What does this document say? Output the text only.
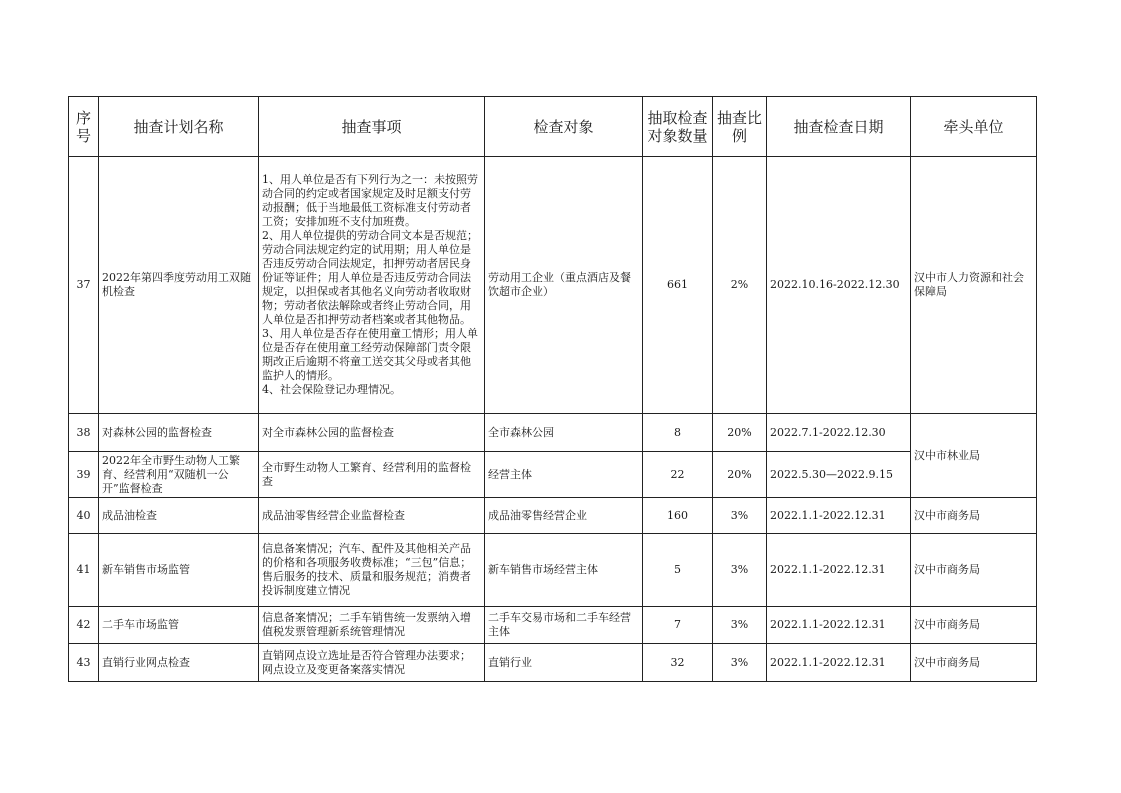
序号	抽查计划名称	抽查事项	检查对象	抽取检查对象数量	抽查比例	抽查检查日期	牵头单位
37	2022年第四季度劳动用工双随机检查	1、用人单位是否有下列行为之一：未按照劳动合同的约定或者国家规定及时足额支付劳动报酬；低于当地最低工资标准支付劳动者工资；安排加班不支付加班费。
2、用人单位提供的劳动合同文本是否规范；劳动合同法规定约定的试用期；用人单位是否违反劳动合同法规定，扣押劳动者居民身份证等证件；用人单位是否违反劳动合同法规定，以担保或者其他名义向劳动者收取财物；劳动者依法解除或者终止劳动合同，用人单位是否扣押劳动者档案或者其他物品。
3、用人单位是否存在使用童工情形；用人单位是否存在使用童工经劳动保障部门责令限期改正后逾期不将童工送交其父母或者其他监护人的情形。
4、社会保险登记办理情况。	劳动用工企业（重点酒店及餐饮超市企业）	661	2%	2022.10.16-2022.12.30	汉中市人力资源和社会保障局
38	对森林公园的监督检查	对全市森林公园的监督检查	全市森林公园	8	20%	2022.7.1-2022.12.30	汉中市林业局
39	2022年全市野生动物人工繁育、经营利用“双随机一公开”监督检查	全市野生动物人工繁育、经营利用的监督检查	经营主体	22	20%	2022.5.30—2022.9.15	
40	成品油检查	成品油零售经营企业监督检查	成品油零售经营企业	160	3%	2022.1.1-2022.12.31	汉中市商务局
41	新车销售市场监管	信息备案情况；汽车、配件及其他相关产品的价格和各项服务收费标准；“三包”信息；售后服务的技术、质量和服务规范；消费者投诉制度建立情况	新车销售市场经营主体	5	3%	2022.1.1-2022.12.31	汉中市商务局
42	二手车市场监管	信息备案情况；二手车销售统一发票纳入增值税发票管理新系统管理情况	二手车交易市场和二手车经营主体	7	3%	2022.1.1-2022.12.31	汉中市商务局
43	直销行业网点检查	直销网点设立选址是否符合管理办法要求；网点设立及变更备案落实情况	直销行业	32	3%	2022.1.1-2022.12.31	汉中市商务局
